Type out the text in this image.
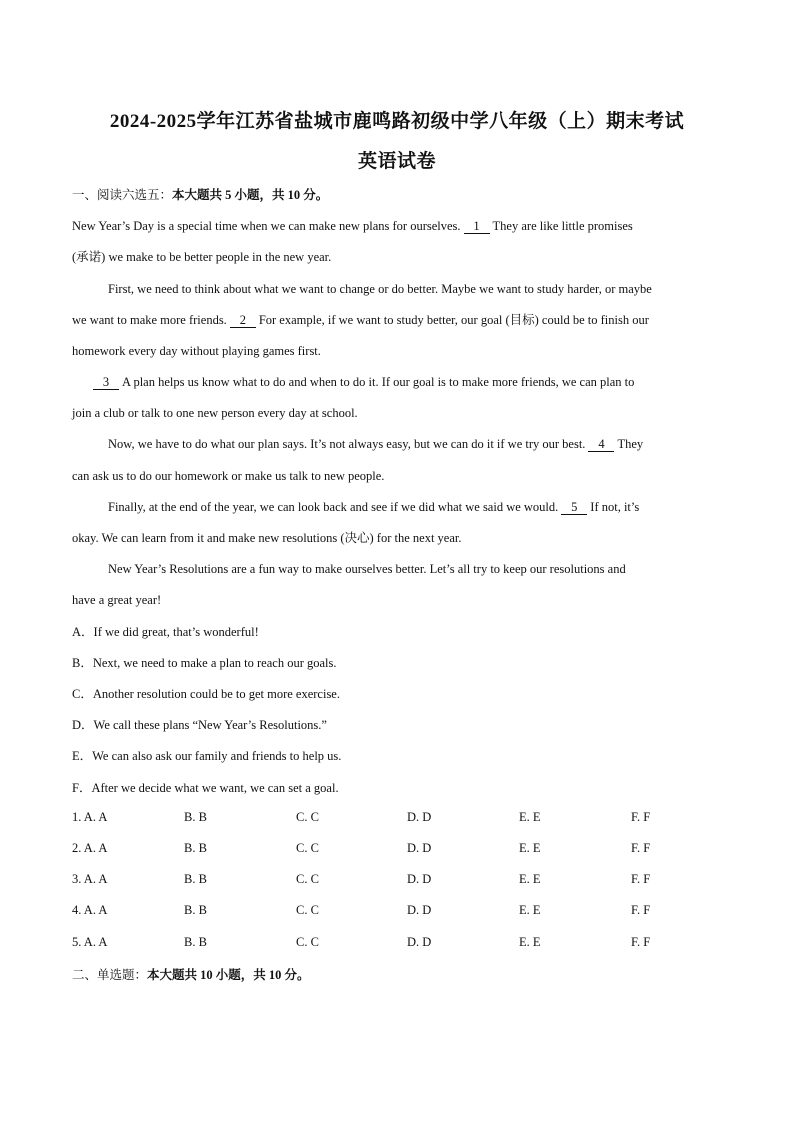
2024-2025学年江苏省盐城市鹿鸣路初级中学八年级（上）期末考试
英语试卷
一、阅读六选五：本大题共 5 小题，共 10 分。
New Year’s Day is a special time when we can make new plans for ourselves. 1 They are like little promises
(承诺) we make to be better people in the new year.
First, we need to think about what we want to change or do better. Maybe we want to study harder, or maybe
we want to make more friends. 2 For example, if we want to study better, our goal (目标) could be to finish our
homework every day without playing games first.
3 A plan helps us know what to do and when to do it. If our goal is to make more friends, we can plan to
join a club or talk to one new person every day at school.
Now, we have to do what our plan says. It’s not always easy, but we can do it if we try our best. 4 They
can ask us to do our homework or make us talk to new people.
Finally, at the end of the year, we can look back and see if we did what we said we would. 5 If not, it’s
okay. We can learn from it and make new resolutions (决心) for the next year.
New Year’s Resolutions are a fun way to make ourselves better. Let’s all try to keep our resolutions and
have a great year!
A．If we did great, that’s wonderful!
B．Next, we need to make a plan to reach our goals.
C．Another resolution could be to get more exercise.
D．We call these plans “New Year’s Resolutions.”
E．We can also ask our family and friends to help us.
F．After we decide what we want, we can set a goal.
1. A. A	B. B	C. C	D. D	E. E	F. F
2. A. A	B. B	C. C	D. D	E. E	F. F
3. A. A	B. B	C. C	D. D	E. E	F. F
4. A. A	B. B	C. C	D. D	E. E	F. F
5. A. A	B. B	C. C	D. D	E. E	F. F
二、单选题：本大题共 10 小题，共 10 分。
